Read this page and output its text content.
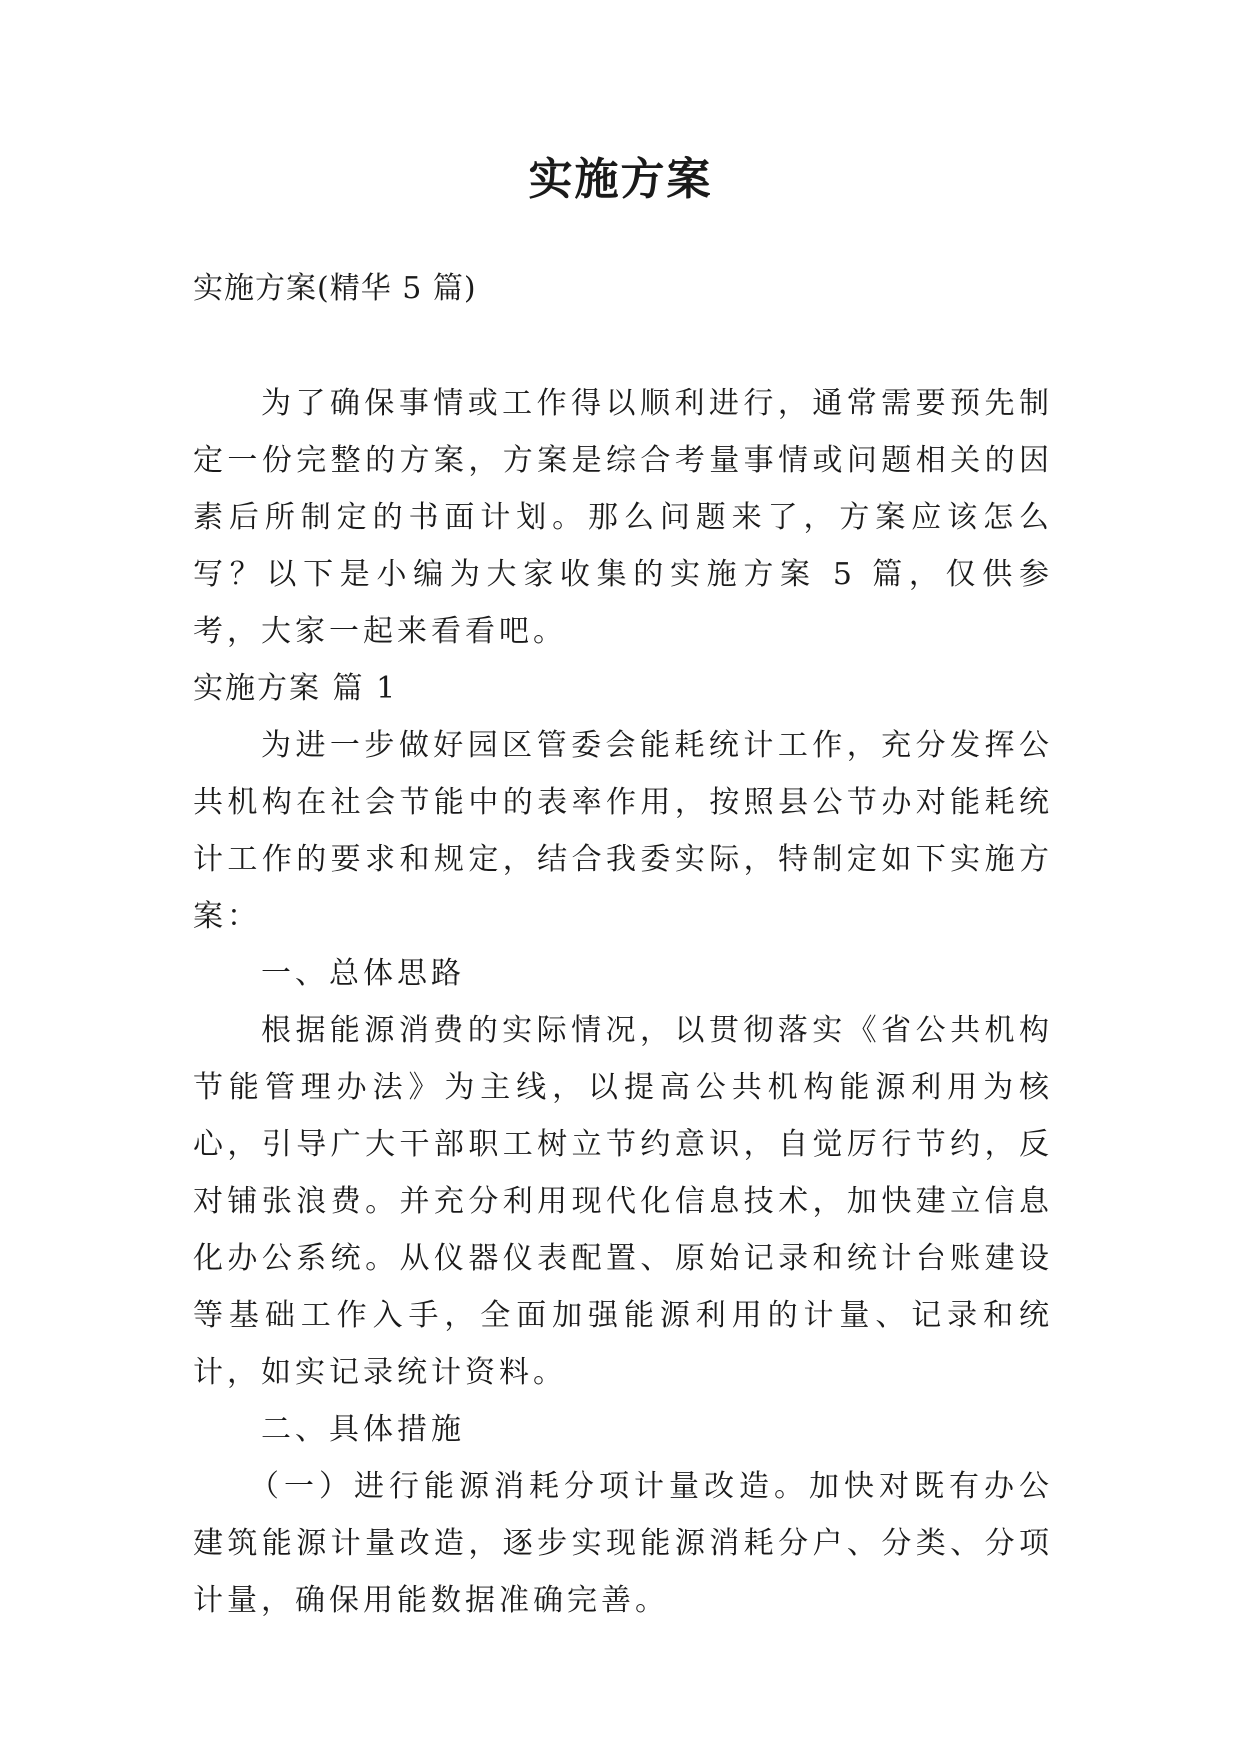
实施方案
实施方案(精华 5 篇)

为了确保事情或工作得以顺利进行，通常需要预先制定一份完整的方案，方案是综合考量事情或问题相关的因素后所制定的书面计划。那么问题来了，方案应该怎么写？以下是小编为大家收集的实施方案 5 篇，仅供参考，大家一起来看看吧。

实施方案 篇 1

为进一步做好园区管委会能耗统计工作，充分发挥公共机构在社会节能中的表率作用，按照县公节办对能耗统计工作的要求和规定，结合我委实际，特制定如下实施方案：

一、总体思路

根据能源消费的实际情况，以贯彻落实《省公共机构节能管理办法》为主线，以提高公共机构能源利用为核心，引导广大干部职工树立节约意识，自觉厉行节约，反对铺张浪费。并充分利用现代化信息技术，加快建立信息化办公系统。从仪器仪表配置、原始记录和统计台账建设等基础工作入手，全面加强能源利用的计量、记录和统计，如实记录统计资料。

二、具体措施

（一）进行能源消耗分项计量改造。加快对既有办公建筑能源计量改造，逐步实现能源消耗分户、分类、分项计量，确保用能数据准确完善。
